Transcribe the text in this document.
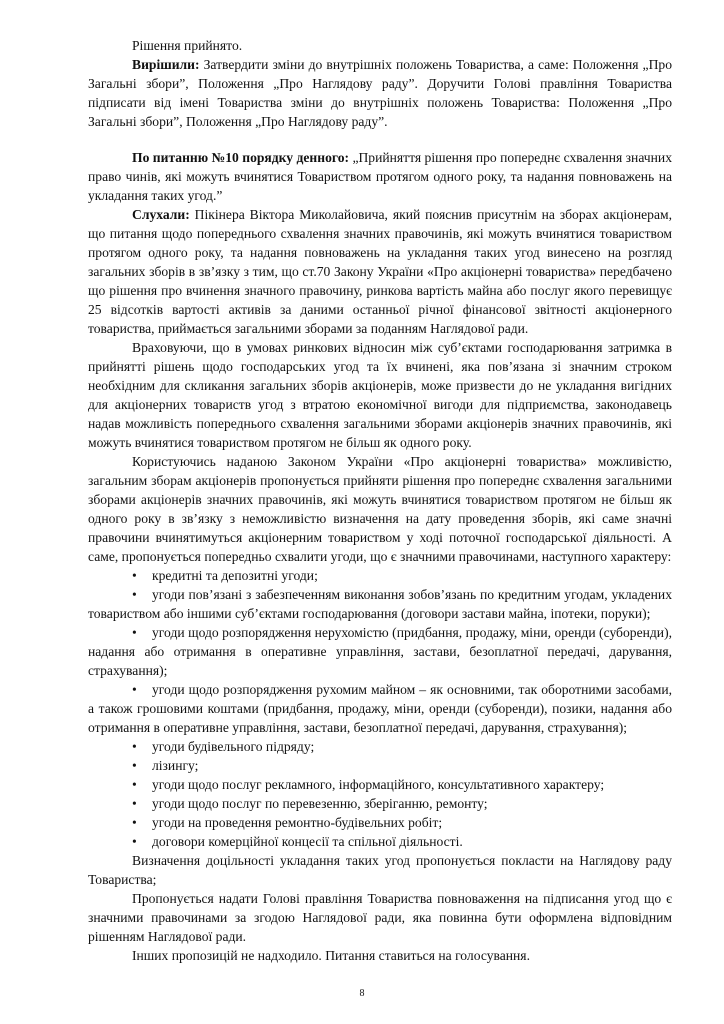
Рішення прийнято.

Вирішили: Затвердити зміни до внутрішніх положень Товариства, а саме: Положення „Про Загальні збори”, Положення „Про Наглядову раду”. Доручити Голові правління Товариства підписати від імені Товариства зміни до внутрішніх положень Товариства: Положення „Про Загальні збори”, Положення „Про Наглядову раду”.

По питанню №10 порядку денного: „Прийняття рішення про попереднє схвалення значних право чинів, які можуть вчинятися Товариством протягом одного року, та надання повноважень на укладання таких угод.”

Слухали: Пікінера Віктора Миколайовича, який пояснив присутнім на зборах акціонерам, що питання щодо попереднього схвалення значних правочинів, які можуть вчинятися товариством протягом одного року, та надання повноважень на укладання таких угод винесено на розгляд загальних зборів в зв’язку з тим, що ст.70 Закону України «Про акціонерні товариства» передбачено що рішення про вчинення значного правочину, ринкова вартість майна або послуг якого перевищує 25 відсотків вартості активів за даними останньої річної фінансової звітності акціонерного товариства, приймається загальними зборами за поданням Наглядової ради.

Враховуючи, що в умовах ринкових відносин між суб’єктами господарювання затримка в прийнятті рішень щодо господарських угод та їх вчинені, яка пов’язана зі значним строком необхідним для скликання загальних зборів акціонерів, може призвести до не укладання вигідних для акціонерних товариств угод з втратою економічної вигоди для підприємства, законодавець надав можливість попереднього схвалення загальними зборами акціонерів значних правочинів, які можуть вчинятися товариством протягом не більш як одного року.

Користуючись наданою Законом України «Про акціонерні товариства» можливістю, загальним зборам акціонерів пропонується прийняти рішення про попереднє схвалення загальними зборами акціонерів значних правочинів, які можуть вчинятися товариством протягом не більш як одного року в зв’язку з неможливістю визначення на дату проведення зборів, які саме значні правочини вчинятимуться акціонерним товариством у ході поточної господарської діяльності. А саме, пропонується попередньо схвалити угоди, що є значними правочинами, наступного характеру:

• кредитні та депозитні угоди;
• угоди пов’язані з забезпеченням виконання зобов’язань по кредитним угодам, укладених товариством або іншими суб’єктами господарювання (договори застави майна, іпотеки, поруки);
• угоди щодо розпорядження нерухомістю (придбання, продажу, міни, оренди (суборенди), надання або отримання в оперативне управління, застави, безоплатної передачі, дарування, страхування);
• угоди щодо розпорядження рухомим майном – як основними, так оборотними засобами, а також грошовими коштами (придбання, продажу, міни, оренди (суборенди), позики, надання або отримання в оперативне управління, застави, безоплатної передачі, дарування, страхування);
• угоди будівельного підряду;
• лізингу;
• угоди щодо послуг рекламного, інформаційного, консультативного характеру;
• угоди щодо послуг по перевезенню, зберіганню, ремонту;
• угоди на проведення ремонтно-будівельних робіт;
• договори комерційної концесії та спільної діяльності.

Визначення доцільності укладання таких угод пропонується покласти на Наглядову раду Товариства;

Пропонується надати Голові правління Товариства повноваження на підписання угод що є значними правочинами за згодою Наглядової ради, яка повинна бути оформлена відповідним рішенням Наглядової ради.

Інших пропозицій не надходило. Питання ставиться на голосування.

8
